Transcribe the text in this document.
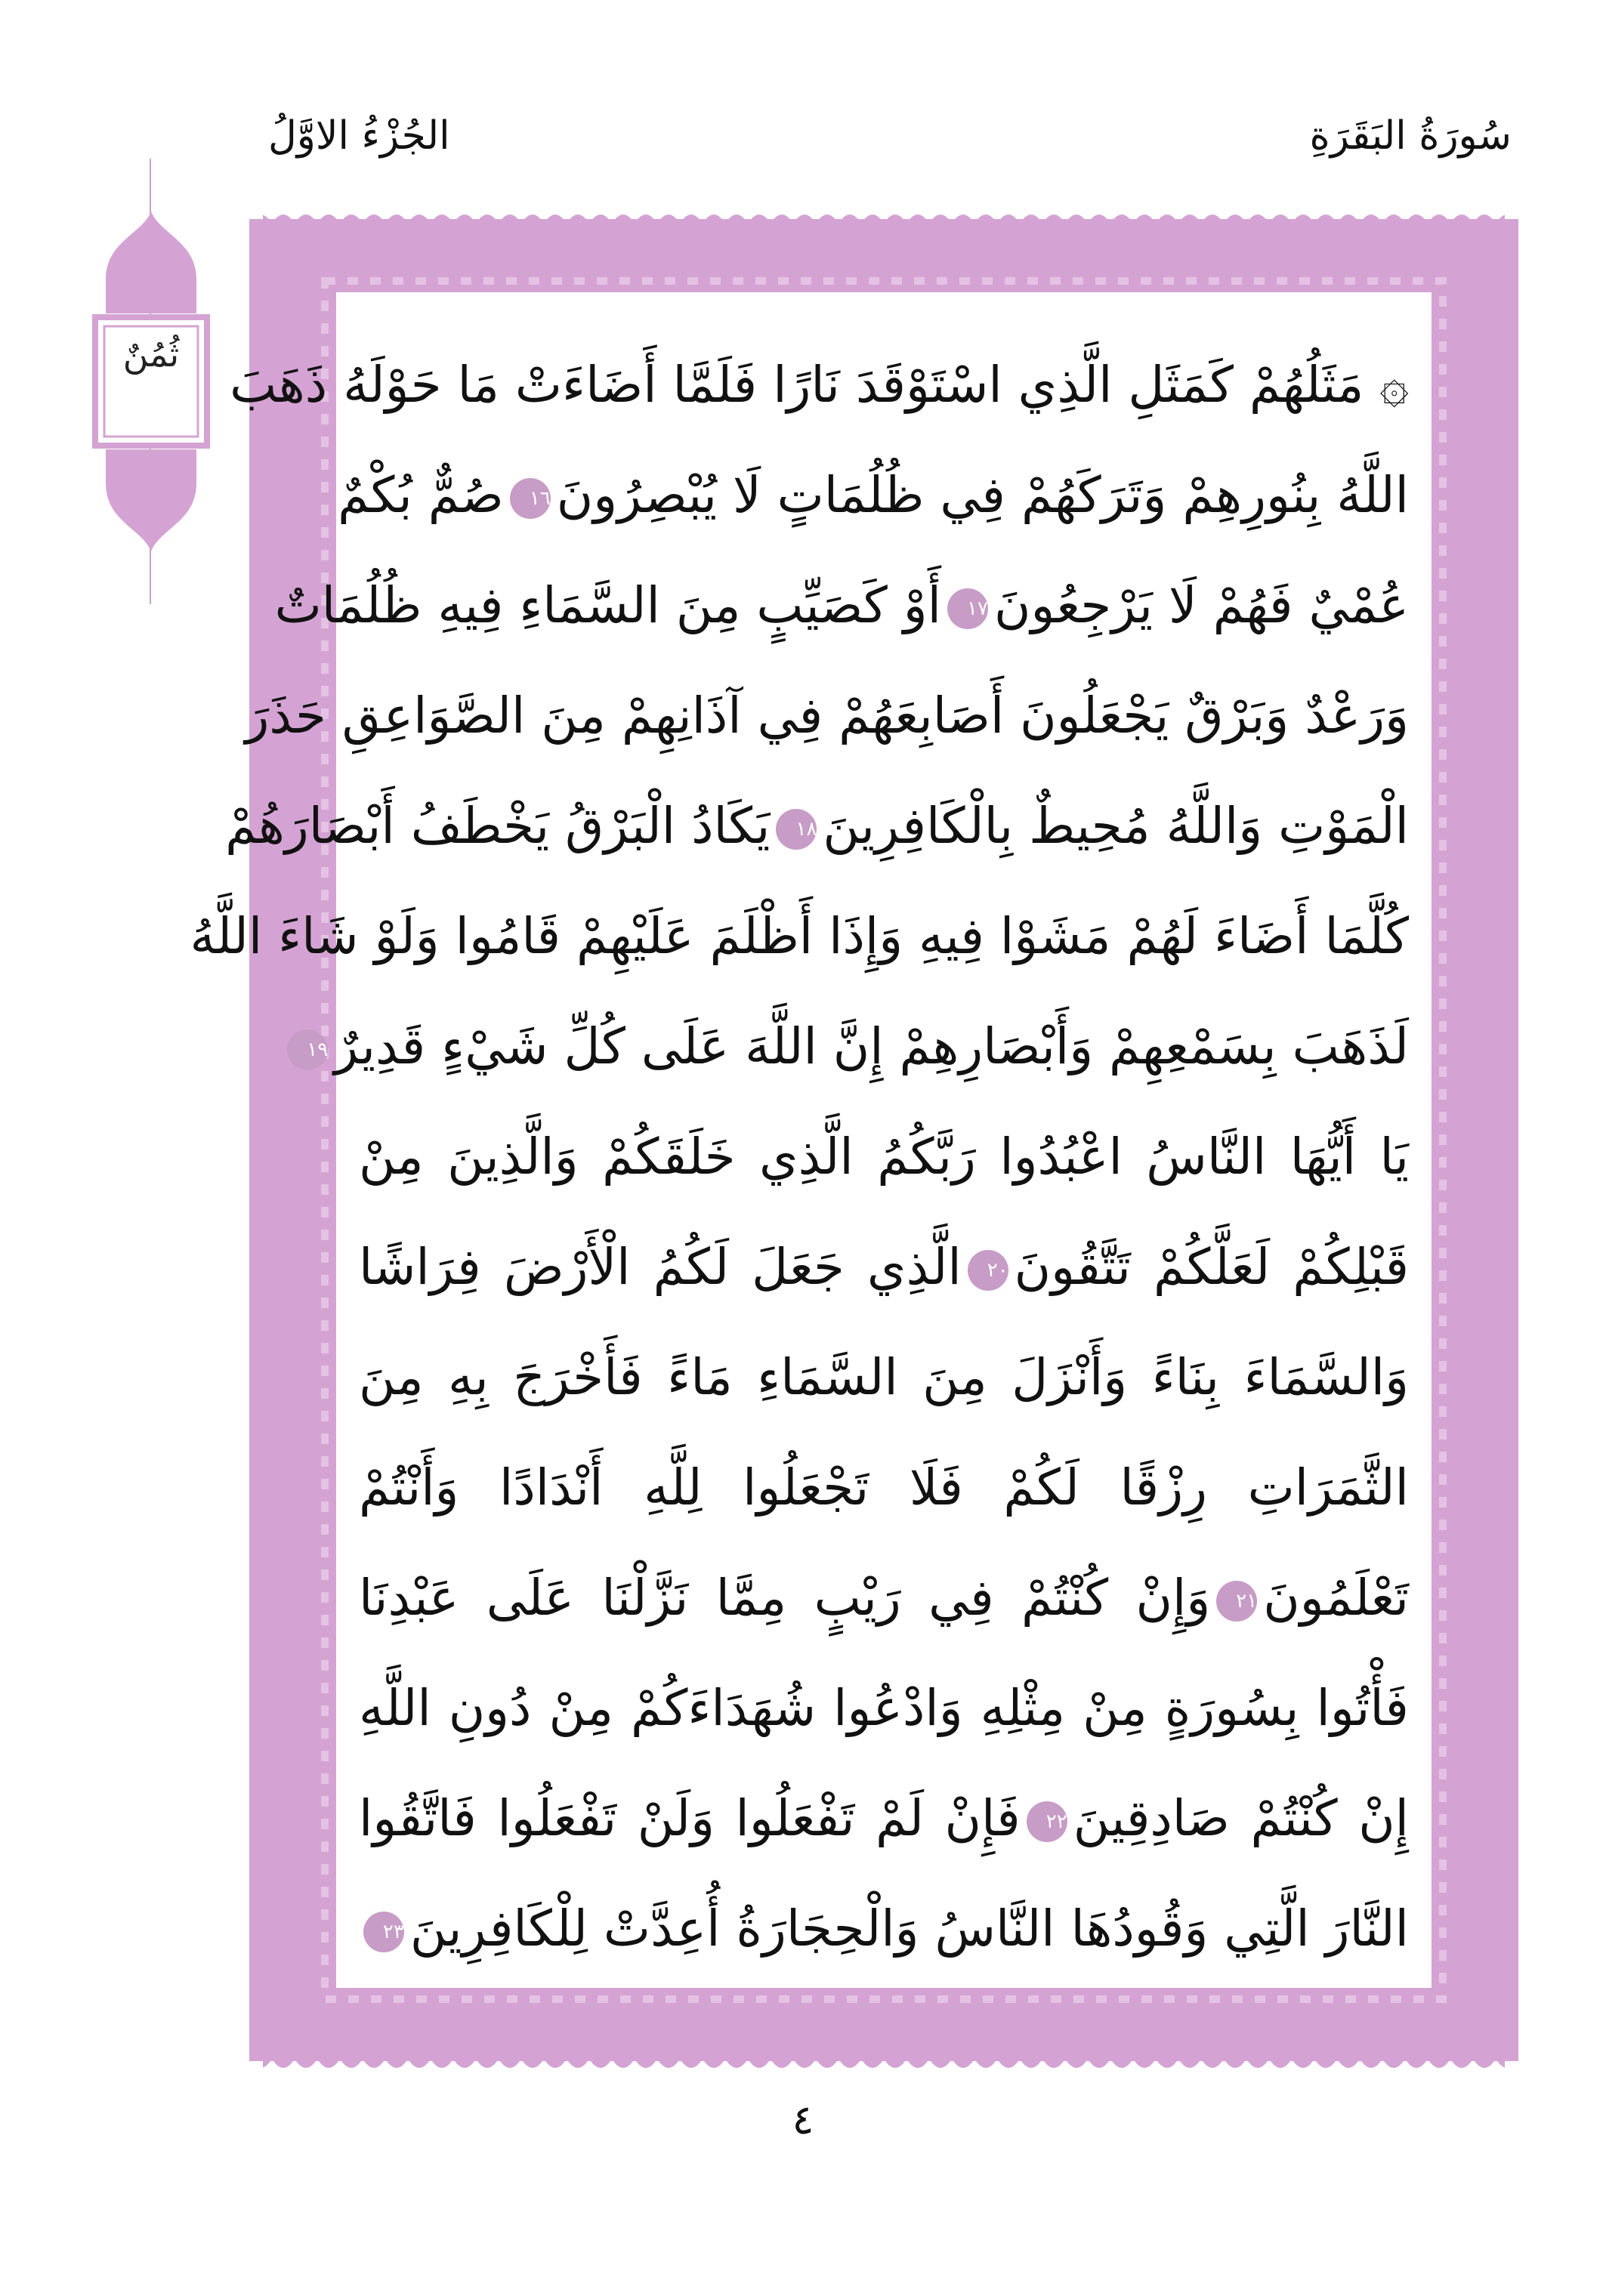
سُورَةُ البَقَرَةِ
الجُزْءُ الاوَّلُ
ثُمُنٌ
۞ مَثَلُهُمْ كَمَثَلِ الَّذِي اسْتَوْقَدَ نَارًا فَلَمَّا أَضَاءَتْ مَا حَوْلَهُ ذَهَبَ
اللَّهُ بِنُورِهِمْ وَتَرَكَهُمْ فِي ظُلُمَاتٍ لَا يُبْصِرُونَ١٦صُمٌّ بُكْمٌ
عُمْيٌ فَهُمْ لَا يَرْجِعُونَ١٧أَوْ كَصَيِّبٍ مِنَ السَّمَاءِ فِيهِ ظُلُمَاتٌ
وَرَعْدٌ وَبَرْقٌ يَجْعَلُونَ أَصَابِعَهُمْ فِي آذَانِهِمْ مِنَ الصَّوَاعِقِ حَذَرَ
الْمَوْتِ وَاللَّهُ مُحِيطٌ بِالْكَافِرِينَ١٨يَكَادُ الْبَرْقُ يَخْطَفُ أَبْصَارَهُمْ
كُلَّمَا أَضَاءَ لَهُمْ مَشَوْا فِيهِ وَإِذَا أَظْلَمَ عَلَيْهِمْ قَامُوا وَلَوْ شَاءَ اللَّهُ
لَذَهَبَ بِسَمْعِهِمْ وَأَبْصَارِهِمْ إِنَّ اللَّهَ عَلَى كُلِّ شَيْءٍ قَدِيرٌ١٩
يَا أَيُّهَا النَّاسُ اعْبُدُوا رَبَّكُمُ الَّذِي خَلَقَكُمْ وَالَّذِينَ مِنْ
قَبْلِكُمْ لَعَلَّكُمْ تَتَّقُونَ٢٠الَّذِي جَعَلَ لَكُمُ الْأَرْضَ فِرَاشًا
وَالسَّمَاءَ بِنَاءً وَأَنْزَلَ مِنَ السَّمَاءِ مَاءً فَأَخْرَجَ بِهِ مِنَ
الثَّمَرَاتِ رِزْقًا لَكُمْ فَلَا تَجْعَلُوا لِلَّهِ أَنْدَادًا وَأَنْتُمْ
تَعْلَمُونَ٢١وَإِنْ كُنْتُمْ فِي رَيْبٍ مِمَّا نَزَّلْنَا عَلَى عَبْدِنَا
فَأْتُوا بِسُورَةٍ مِنْ مِثْلِهِ وَادْعُوا شُهَدَاءَكُمْ مِنْ دُونِ اللَّهِ
إِنْ كُنْتُمْ صَادِقِينَ٢٢فَإِنْ لَمْ تَفْعَلُوا وَلَنْ تَفْعَلُوا فَاتَّقُوا
النَّارَ الَّتِي وَقُودُهَا النَّاسُ وَالْحِجَارَةُ أُعِدَّتْ لِلْكَافِرِينَ٢٣
٤
